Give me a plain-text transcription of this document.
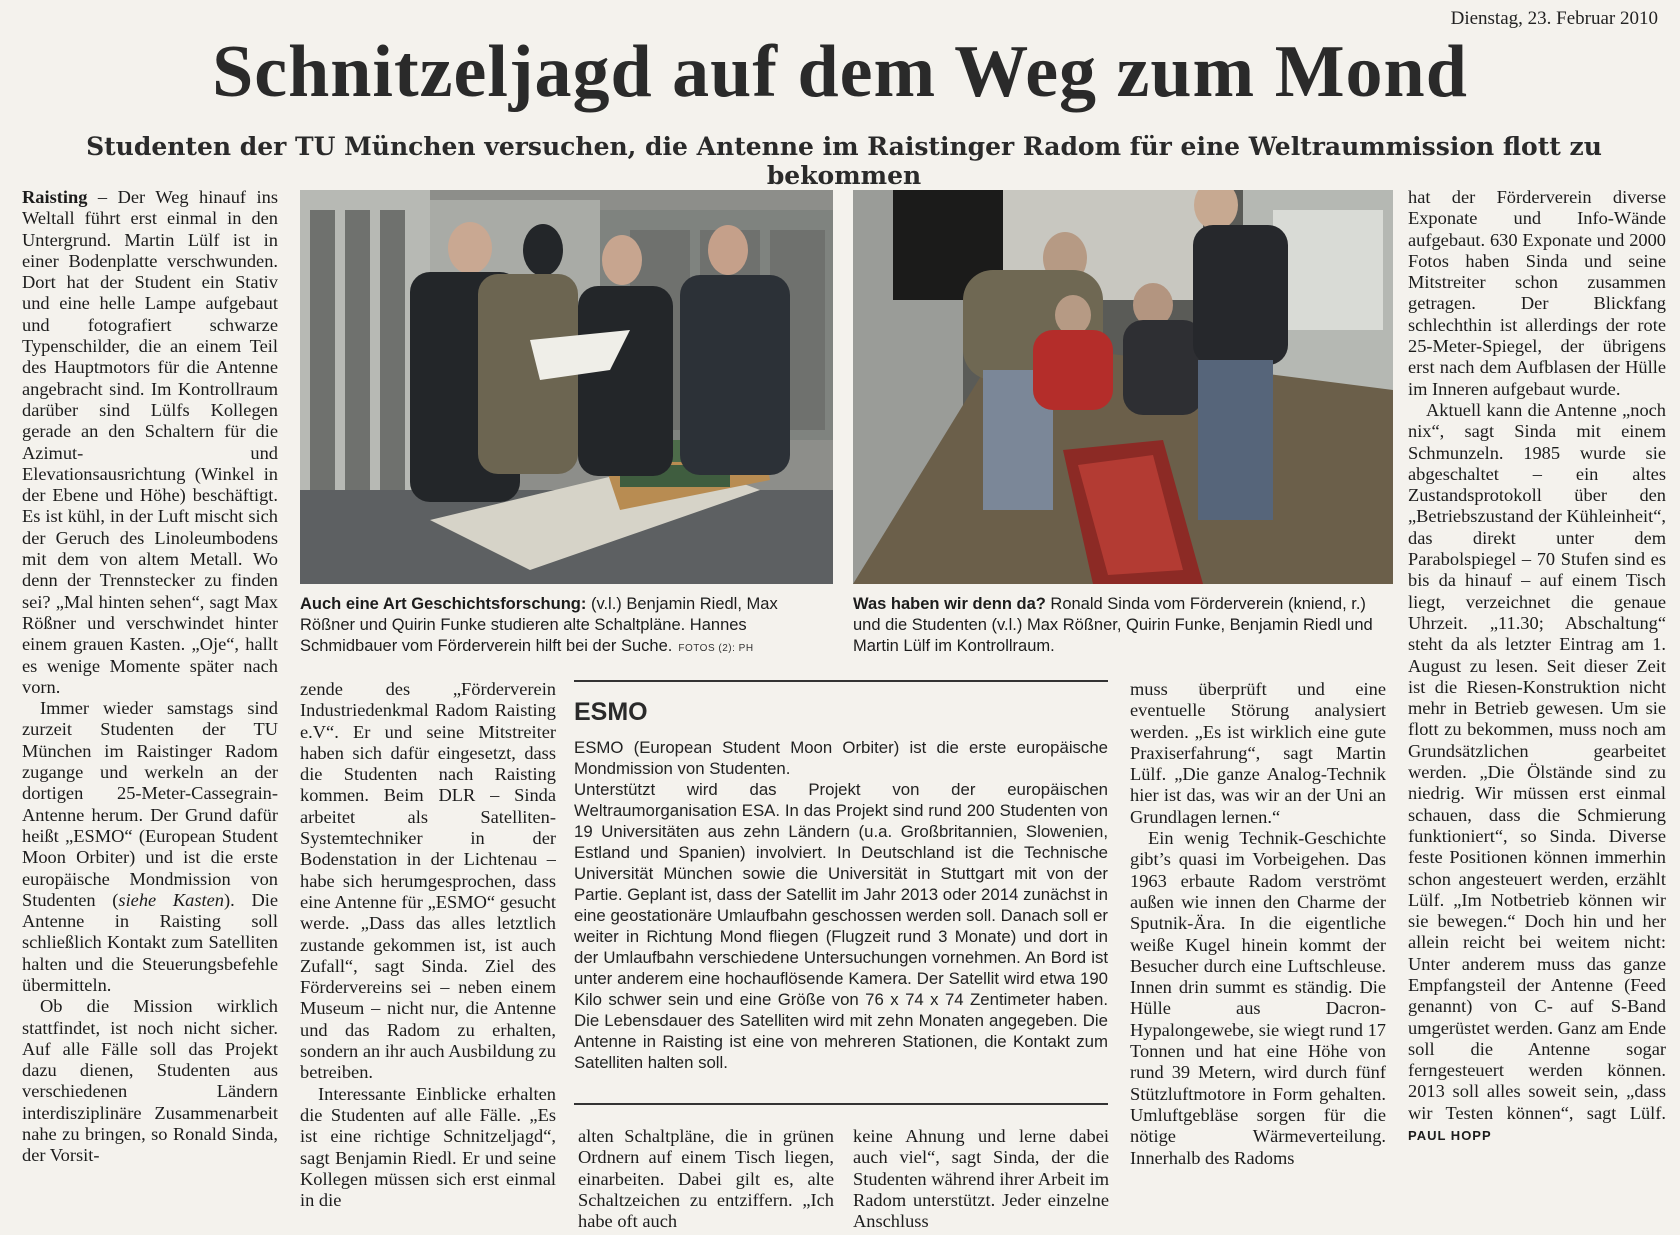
Dienstag, 23. Februar 2010
Schnitzeljagd auf dem Weg zum Mond
Studenten der TU München versuchen, die Antenne im Raistinger Radom für eine Weltraummission flott zu bekommen

Raisting – Der Weg hinauf ins Weltall führt erst einmal in den Untergrund. Martin Lülf ist in einer Bodenplatte verschwunden. Dort hat der Student ein Stativ und eine helle Lampe aufgebaut und fotografiert schwarze Typenschilder, die an einem Teil des Hauptmotors für die Antenne angebracht sind. Im Kontrollraum darüber sind Lülfs Kollegen gerade an den Schaltern für die Azimut- und Elevationsausrichtung (Winkel in der Ebene und Höhe) beschäftigt. Es ist kühl, in der Luft mischt sich der Geruch des Linoleumbodens mit dem von altem Metall. Wo denn der Trennstecker zu finden sei? „Mal hinten sehen“, sagt Max Rößner und verschwindet hinter einem grauen Kasten. „Oje“, hallt es wenige Momente später nach vorn.

Immer wieder samstags sind zurzeit Studenten der TU München im Raistinger Radom zugange und werkeln an der dortigen 25-Meter-Cassegrain-Antenne herum. Der Grund dafür heißt „ESMO“ (European Student Moon Orbiter) und ist die erste europäische Mondmission von Studenten (siehe Kasten). Die Antenne in Raisting soll schließlich Kontakt zum Satelliten halten und die Steuerungsbefehle übermitteln.

Ob die Mission wirklich stattfindet, ist noch nicht sicher. Auf alle Fälle soll das Projekt dazu dienen, Studenten aus verschiedenen Ländern interdisziplinäre Zusammenarbeit nahe zu bringen, so Ronald Sinda, der Vorsit-

Auch eine Art Geschichtsforschung: (v.l.) Benjamin Riedl, Max Rößner und Quirin Funke studieren alte Schaltpläne. Hannes Schmidbauer vom Förderverein hilft bei der Suche. FOTOS (2): PH
Was haben wir denn da? Ronald Sinda vom Förderverein (kniend, r.) und die Studenten (v.l.) Max Rößner, Quirin Funke, Benjamin Riedl und Martin Lülf im Kontrollraum.

zende des „Förderverein Industriedenkmal Radom Raisting e.V“. Er und seine Mitstreiter haben sich dafür eingesetzt, dass die Studenten nach Raisting kommen. Beim DLR – Sinda arbeitet als Satelliten-Systemtechniker in der Bodenstation in der Lichtenau – habe sich herumgesprochen, dass eine Antenne für „ESMO“ gesucht werde. „Dass das alles letztlich zustande gekommen ist, ist auch Zufall“, sagt Sinda. Ziel des Fördervereins sei – neben einem Museum – nicht nur, die Antenne und das Radom zu erhalten, sondern an ihr auch Ausbildung zu betreiben.

Interessante Einblicke erhalten die Studenten auf alle Fälle. „Es ist eine richtige Schnitzeljagd“, sagt Benjamin Riedl. Er und seine Kollegen müssen sich erst einmal in die

ESMO

ESMO (European Student Moon Orbiter) ist die erste europäische Mondmission von Studenten.

Unterstützt wird das Projekt von der europäischen Weltraumorganisation ESA. In das Projekt sind rund 200 Studenten von 19 Universitäten aus zehn Ländern (u.a. Großbritannien, Slowenien, Estland und Spanien) involviert. In Deutschland ist die Technische Universität München sowie die Universität in Stuttgart mit von der Partie. Geplant ist, dass der Satellit im Jahr 2013 oder 2014 zunächst in eine geostationäre Umlaufbahn geschossen werden soll. Danach soll er weiter in Richtung Mond fliegen (Flugzeit rund 3 Monate) und dort in der Umlaufbahn verschiedene Untersuchungen vornehmen. An Bord ist unter anderem eine hochauflösende Kamera. Der Satellit wird etwa 190 Kilo schwer sein und eine Größe von 76 x 74 x 74 Zentimeter haben. Die Lebensdauer des Satelliten wird mit zehn Monaten angegeben. Die Antenne in Raisting ist eine von mehreren Stationen, die Kontakt zum Satelliten halten soll.

alten Schaltpläne, die in grünen Ordnern auf einem Tisch liegen, einarbeiten. Dabei gilt es, alte Schaltzeichen zu entziffern. „Ich habe oft auch

keine Ahnung und lerne dabei auch viel“, sagt Sinda, der die Studenten während ihrer Arbeit im Radom unterstützt. Jeder einzelne Anschluss

muss überprüft und eine eventuelle Störung analysiert werden. „Es ist wirklich eine gute Praxiserfahrung“, sagt Martin Lülf. „Die ganze Analog-Technik hier ist das, was wir an der Uni an Grundlagen lernen.“

Ein wenig Technik-Geschichte gibt’s quasi im Vorbeigehen. Das 1963 erbaute Radom verströmt außen wie innen den Charme der Sputnik-Ära. In die eigentliche weiße Kugel hinein kommt der Besucher durch eine Luftschleuse. Innen drin summt es ständig. Die Hülle aus Dacron-Hypalongewebe, sie wiegt rund 17 Tonnen und hat eine Höhe von rund 39 Metern, wird durch fünf Stützluftmotore in Form gehalten. Umluftgebläse sorgen für die nötige Wärmeverteilung. Innerhalb des Radoms

hat der Förderverein diverse Exponate und Info-Wände aufgebaut. 630 Exponate und 2000 Fotos haben Sinda und seine Mitstreiter schon zusammen getragen. Der Blickfang schlechthin ist allerdings der rote 25-Meter-Spiegel, der übrigens erst nach dem Aufblasen der Hülle im Inneren aufgebaut wurde.

Aktuell kann die Antenne „noch nix“, sagt Sinda mit einem Schmunzeln. 1985 wurde sie abgeschaltet – ein altes Zustandsprotokoll über den „Betriebszustand der Kühleinheit“, das direkt unter dem Parabolspiegel – 70 Stufen sind es bis da hinauf – auf einem Tisch liegt, verzeichnet die genaue Uhrzeit. „11.30; Abschaltung“ steht da als letzter Eintrag am 1. August zu lesen. Seit dieser Zeit ist die Riesen-Konstruktion nicht mehr in Betrieb gewesen. Um sie flott zu bekommen, muss noch am Grundsätzlichen gearbeitet werden. „Die Ölstände sind zu niedrig. Wir müssen erst einmal schauen, dass die Schmierung funktioniert“, so Sinda. Diverse feste Positionen können immerhin schon angesteuert werden, erzählt Lülf. „Im Notbetrieb können wir sie bewegen.“ Doch hin und her allein reicht bei weitem nicht: Unter anderem muss das ganze Empfangsteil der Antenne (Feed genannt) von C- auf S-Band umgerüstet werden. Ganz am Ende soll die Antenne sogar ferngesteuert werden können. 2013 soll alles soweit sein, „dass wir Testen können“, sagt Lülf. PAUL HOPP
